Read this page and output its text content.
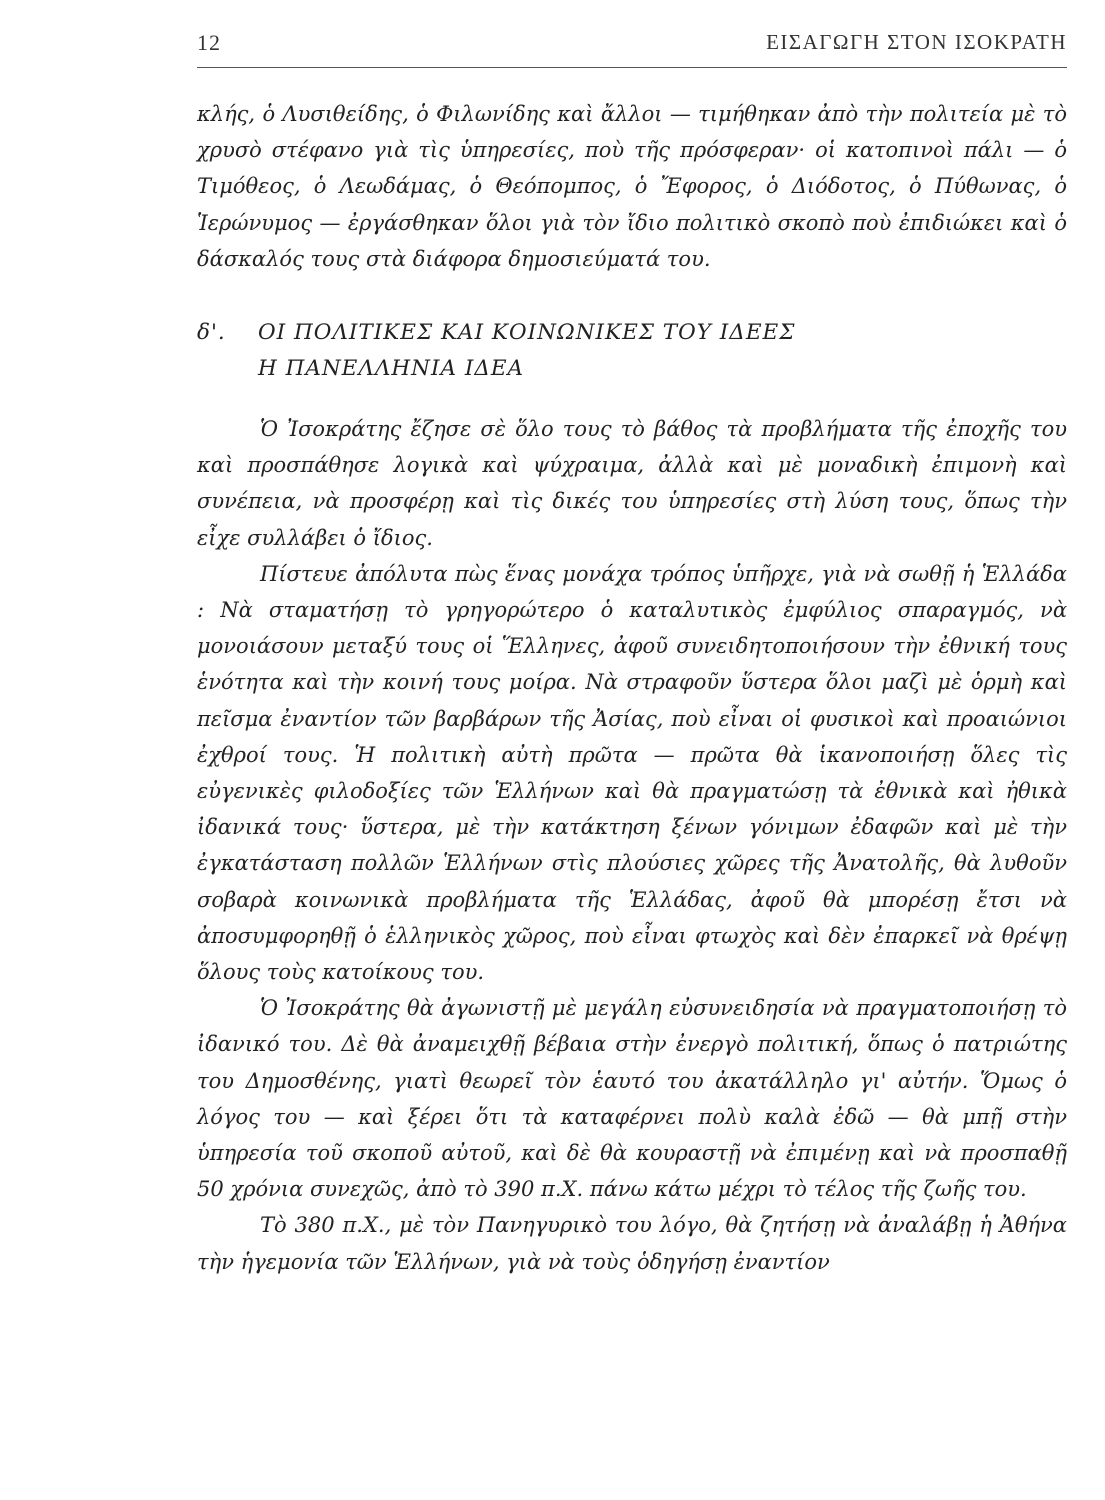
12	ΕΙΣΑΓΩΓΗ ΣΤΟΝ ΙΣΟΚΡΑΤΗ

κλής, ὁ Λυσιθείδης, ὁ Φιλωνίδης καὶ ἄλλοι — τιμήθηκαν ἀπὸ τὴν πολιτεία μὲ τὸ χρυσὸ στέφανο γιὰ τὶς ὑπηρεσίες, ποὺ τῆς πρόσφεραν· οἱ κατοπινοὶ πάλι — ὁ Τιμόθεος, ὁ Λεωδάμας, ὁ Θεόπομπος, ὁ Ἔφορος, ὁ Διόδοτος, ὁ Πύθωνας, ὁ Ἱερώνυμος — ἐργάσθηκαν ὅλοι γιὰ τὸν ἴδιο πολιτικὸ σκοπὸ ποὺ ἐπιδιώκει καὶ ὁ δάσκαλός τους στὰ διάφορα δημοσιεύματά του.

δ'. ΟΙ ΠΟΛΙΤΙΚΕΣ ΚΑΙ ΚΟΙΝΩΝΙΚΕΣ ΤΟΥ ΙΔΕΕΣ
Η ΠΑΝΕΛΛΗΝΙΑ ΙΔΕΑ

Ὁ Ἰσοκράτης ἔζησε σὲ ὅλο τους τὸ βάθος τὰ προβλήματα τῆς ἐποχῆς του καὶ προσπάθησε λογικὰ καὶ ψύχραιμα, ἀλλὰ καὶ μὲ μοναδικὴ ἐπιμονὴ καὶ συνέπεια, νὰ προσφέρῃ καὶ τὶς δικές του ὑπηρεσίες στὴ λύση τους, ὅπως τὴν εἶχε συλλάβει ὁ ἴδιος.

Πίστευε ἀπόλυτα πὼς ἕνας μονάχα τρόπος ὑπῆρχε, γιὰ νὰ σωθῇ ἡ Ἑλλάδα : Νὰ σταματήσῃ τὸ γρηγορώτερο ὁ καταλυτικὸς ἐμφύλιος σπαραγμός, νὰ μονοιάσουν μεταξύ τους οἱ Ἕλληνες, ἀφοῦ συνειδητοποιήσουν τὴν ἐθνική τους ἑνότητα καὶ τὴν κοινή τους μοίρα. Νὰ στραφοῦν ὕστερα ὅλοι μαζὶ μὲ ὁρμὴ καὶ πεῖσμα ἐναντίον τῶν βαρβάρων τῆς Ἀσίας, ποὺ εἶναι οἱ φυσικοὶ καὶ προαιώνιοι ἐχθροί τους. Ἡ πολιτικὴ αὐτὴ πρῶτα — πρῶτα θὰ ἱκανοποιήσῃ ὅλες τὶς εὐγενικὲς φιλοδοξίες τῶν Ἑλλήνων καὶ θὰ πραγματώσῃ τὰ ἐθνικὰ καὶ ἠθικὰ ἰδανικά τους· ὕστερα, μὲ τὴν κατάκτηση ξένων γόνιμων ἐδαφῶν καὶ μὲ τὴν ἐγκατάσταση πολλῶν Ἑλλήνων στὶς πλούσιες χῶρες τῆς Ἀνατολῆς, θὰ λυθοῦν σοβαρὰ κοινωνικὰ προβλήματα τῆς Ἑλλάδας, ἀφοῦ θὰ μπορέσῃ ἔτσι νὰ ἀποσυμφορηθῇ ὁ ἑλληνικὸς χῶρος, ποὺ εἶναι φτωχὸς καὶ δὲν ἐπαρκεῖ νὰ θρέψῃ ὅλους τοὺς κατοίκους του.

Ὁ Ἰσοκράτης θὰ ἀγωνιστῇ μὲ μεγάλη εὐσυνειδησία νὰ πραγματοποιήσῃ τὸ ἰδανικό του. Δὲ θὰ ἀναμειχθῇ βέβαια στὴν ἐνεργὸ πολιτική, ὅπως ὁ πατριώτης του Δημοσθένης, γιατὶ θεωρεῖ τὸν ἑαυτό του ἀκατάλληλο γι' αὐτήν. Ὅμως ὁ λόγος του — καὶ ξέρει ὅτι τὰ καταφέρνει πολὺ καλὰ ἐδῶ — θὰ μπῇ στὴν ὑπηρεσία τοῦ σκοποῦ αὐτοῦ, καὶ δὲ θὰ κουραστῇ νὰ ἐπιμένῃ καὶ νὰ προσπαθῇ 50 χρόνια συνεχῶς, ἀπὸ τὸ 390 π.Χ. πάνω κάτω μέχρι τὸ τέλος τῆς ζωῆς του.

Τὸ 380 π.Χ., μὲ τὸν Πανηγυρικὸ του λόγο, θὰ ζητήσῃ νὰ ἀναλάβῃ ἡ Ἀθήνα τὴν ἡγεμονία τῶν Ἑλλήνων, γιὰ νὰ τοὺς ὁδηγήσῃ ἐναντίον
